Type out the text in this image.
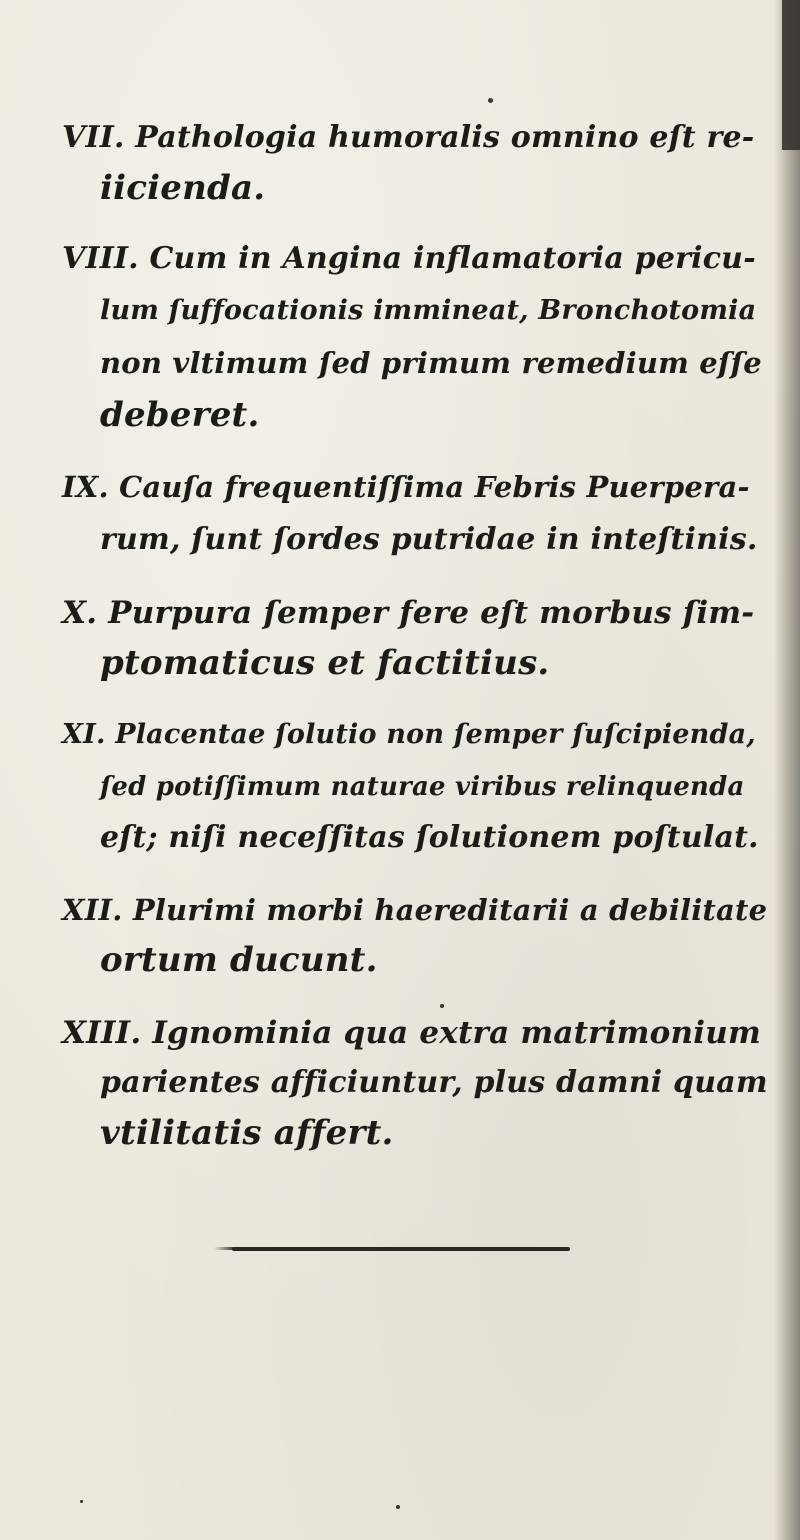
VII. Pathologia humoralis omnino eſt re-

iicienda.

VIII. Cum in Angina inflamatoria pericu-

lum ſuffocationis immineat, Bronchotomia

non vltimum ſed primum remedium eſſe

deberet.

IX. Cauſa frequentiſſima Febris Puerpera-

rum, ſunt ſordes putridae in inteſtinis.

X. Purpura ſemper fere eſt morbus ſim-

ptomaticus et factitius.

XI. Placentae ſolutio non ſemper ſuſcipienda,

ſed potiſſimum naturae viribus relinquenda

eſt; niſi neceſſitas ſolutionem poſtulat.

XII. Plurimi morbi haereditarii a debilitate

ortum ducunt.

XIII. Ignominia qua extra matrimonium

parientes afficiuntur, plus damni quam

vtilitatis affert.
